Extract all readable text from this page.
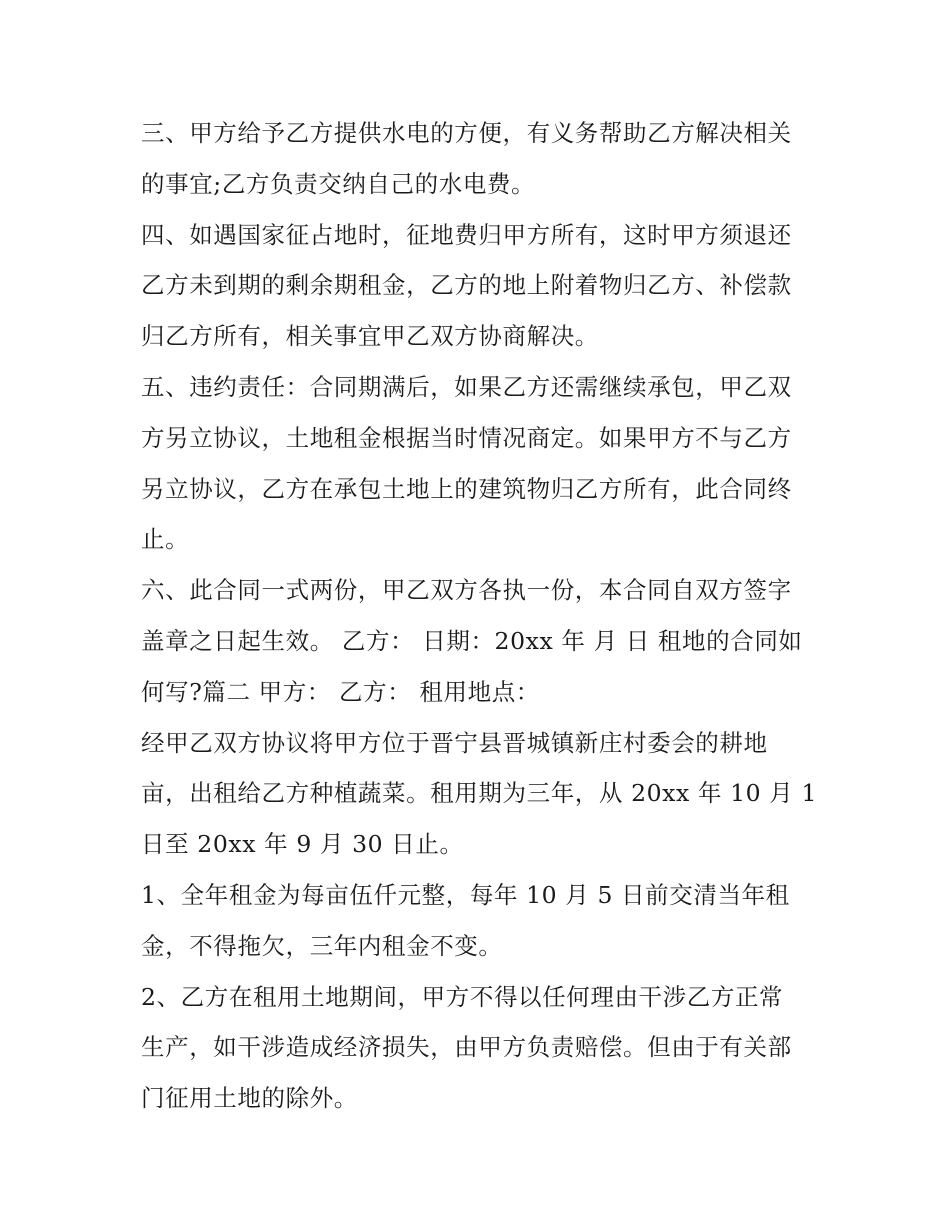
三、甲方给予乙方提供水电的方便，有义务帮助乙方解决相关
的事宜;乙方负责交纳自己的水电费。
四、如遇国家征占地时，征地费归甲方所有，这时甲方须退还
乙方未到期的剩余期租金，乙方的地上附着物归乙方、补偿款
归乙方所有，相关事宜甲乙双方协商解决。
五、违约责任：合同期满后，如果乙方还需继续承包，甲乙双
方另立协议，土地租金根据当时情况商定。如果甲方不与乙方
另立协议，乙方在承包土地上的建筑物归乙方所有，此合同终
止。
六、此合同一式两份，甲乙双方各执一份，本合同自双方签字
盖章之日起生效。 乙方： 日期：20xx 年 月 日 租地的合同如
何写?篇二 甲方： 乙方： 租用地点：
经甲乙双方协议将甲方位于晋宁县晋城镇新庄村委会的耕地
亩，出租给乙方种植蔬菜。租用期为三年，从 20xx 年 10 月 1
日至 20xx 年 9 月 30 日止。
1、全年租金为每亩伍仟元整，每年 10 月 5 日前交清当年租
金，不得拖欠，三年内租金不变。
2、乙方在租用土地期间，甲方不得以任何理由干涉乙方正常
生产，如干涉造成经济损失，由甲方负责赔偿。但由于有关部
门征用土地的除外。
